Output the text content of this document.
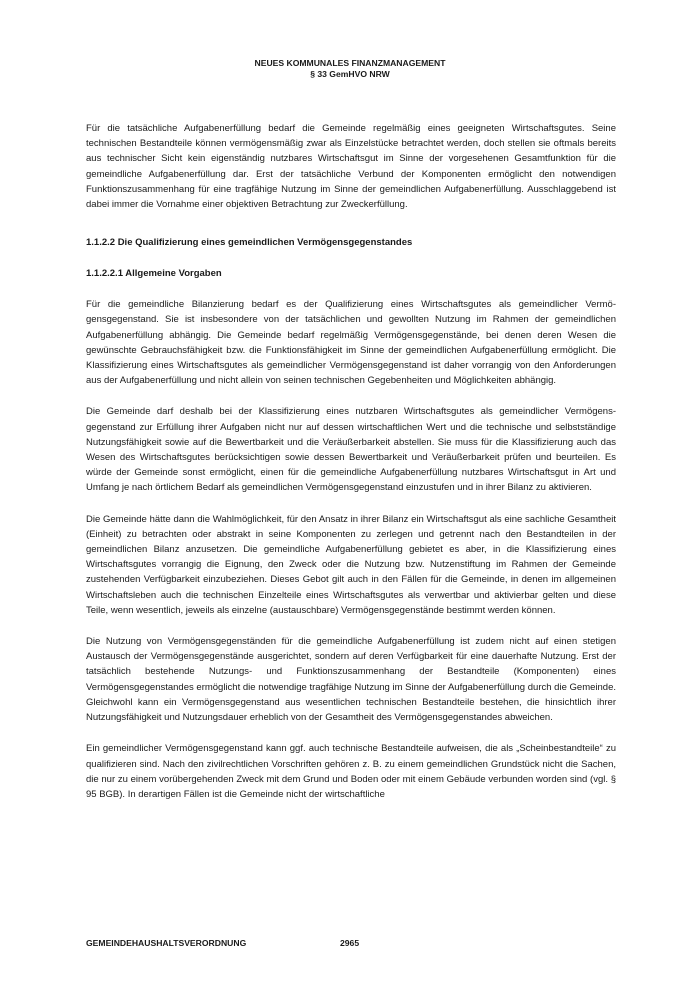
NEUES KOMMUNALES FINANZMANAGEMENT
§ 33 GemHVO NRW

Für die tatsächliche Aufgabenerfüllung bedarf die Gemeinde regelmäßig eines geeigneten Wirtschaftsgutes. Seine technischen Bestandteile können vermögensmäßig zwar als Einzelstücke betrachtet werden, doch stellen sie oftmals bereits aus technischer Sicht kein eigenständig nutzbares Wirtschaftsgut im Sinne der vorgesehenen Gesamtfunktion für die gemeindliche Aufgabenerfüllung dar. Erst der tatsächliche Verbund der Komponenten ermöglicht den notwendigen Funktionszusammenhang für eine tragfähige Nutzung im Sinne der gemeindlichen Aufgabenerfüllung. Ausschlaggebend ist dabei immer die Vornahme einer objektiven Betrachtung zur Zweckerfüllung.

1.1.2.2 Die Qualifizierung eines gemeindlichen Vermögensgegenstandes
1.1.2.2.1 Allgemeine Vorgaben

Für die gemeindliche Bilanzierung bedarf es der Qualifizierung eines Wirtschaftsgutes als gemeindlicher Vermögensgegenstand. Sie ist insbesondere von der tatsächlichen und gewollten Nutzung im Rahmen der gemeindlichen Aufgabenerfüllung abhängig. Die Gemeinde bedarf regelmäßig Vermögensgegenstände, bei denen deren Wesen die gewünschte Gebrauchsfähigkeit bzw. die Funktionsfähigkeit im Sinne der gemeindlichen Aufgabenerfüllung ermöglicht. Die Klassifizierung eines Wirtschaftsgutes als gemeindlicher Vermögensgegenstand ist daher vorrangig von den Anforderungen aus der Aufgabenerfüllung und nicht allein von seinen technischen Gegebenheiten und Möglichkeiten abhängig.

Die Gemeinde darf deshalb bei der Klassifizierung eines nutzbaren Wirtschaftsgutes als gemeindlicher Vermögensgegenstand zur Erfüllung ihrer Aufgaben nicht nur auf dessen wirtschaftlichen Wert und die technische und selbstständige Nutzungsfähigkeit sowie auf die Bewertbarkeit und die Veräußerbarkeit abstellen. Sie muss für die Klassifizierung auch das Wesen des Wirtschaftsgutes berücksichtigen sowie dessen Bewertbarkeit und Veräußerbarkeit prüfen und beurteilen. Es würde der Gemeinde sonst ermöglicht, einen für die gemeindliche Aufgabenerfüllung nutzbares Wirtschaftsgut in Art und Umfang je nach örtlichem Bedarf als gemeindlichen Vermögensgegenstand einzustufen und in ihrer Bilanz zu aktivieren.

Die Gemeinde hätte dann die Wahlmöglichkeit, für den Ansatz in ihrer Bilanz ein Wirtschaftsgut als eine sachliche Gesamtheit (Einheit) zu betrachten oder abstrakt in seine Komponenten zu zerlegen und getrennt nach den Bestandteilen in der gemeindlichen Bilanz anzusetzen. Die gemeindliche Aufgabenerfüllung gebietet es aber, in die Klassifizierung eines Wirtschaftsgutes vorrangig die Eignung, den Zweck oder die Nutzung bzw. Nutzenstiftung im Rahmen der Gemeinde zustehenden Verfügbarkeit einzubeziehen. Dieses Gebot gilt auch in den Fällen für die Gemeinde, in denen im allgemeinen Wirtschaftsleben auch die technischen Einzelteile eines Wirtschaftsgutes als verwertbar und aktivierbar gelten und diese Teile, wenn wesentlich, jeweils als einzelne (austauschbare) Vermögensgegenstände bestimmt werden können.

Die Nutzung von Vermögensgegenständen für die gemeindliche Aufgabenerfüllung ist zudem nicht auf einen stetigen Austausch der Vermögensgegenstände ausgerichtet, sondern auf deren Verfügbarkeit für eine dauerhafte Nutzung. Erst der tatsächlich bestehende Nutzungs- und Funktionszusammenhang der Bestandteile (Komponenten) eines Vermögensgegenstandes ermöglicht die notwendige tragfähige Nutzung im Sinne der Aufgabenerfüllung durch die Gemeinde. Gleichwohl kann ein Vermögensgegenstand aus wesentlichen technischen Bestandteile bestehen, die hinsichtlich ihrer Nutzungsfähigkeit und Nutzungsdauer erheblich von der Gesamtheit des Vermögensgegenstandes abweichen.

Ein gemeindlicher Vermögensgegenstand kann ggf. auch technische Bestandteile aufweisen, die als „Scheinbestandteile“ zu qualifizieren sind. Nach den zivilrechtlichen Vorschriften gehören z. B. zu einem gemeindlichen Grundstück nicht die Sachen, die nur zu einem vorübergehenden Zweck mit dem Grund und Boden oder mit einem Gebäude verbunden worden sind (vgl. § 95 BGB). In derartigen Fällen ist die Gemeinde nicht der wirtschaftliche

GEMEINDEHAUSHALTSVERORDNUNG	2965
